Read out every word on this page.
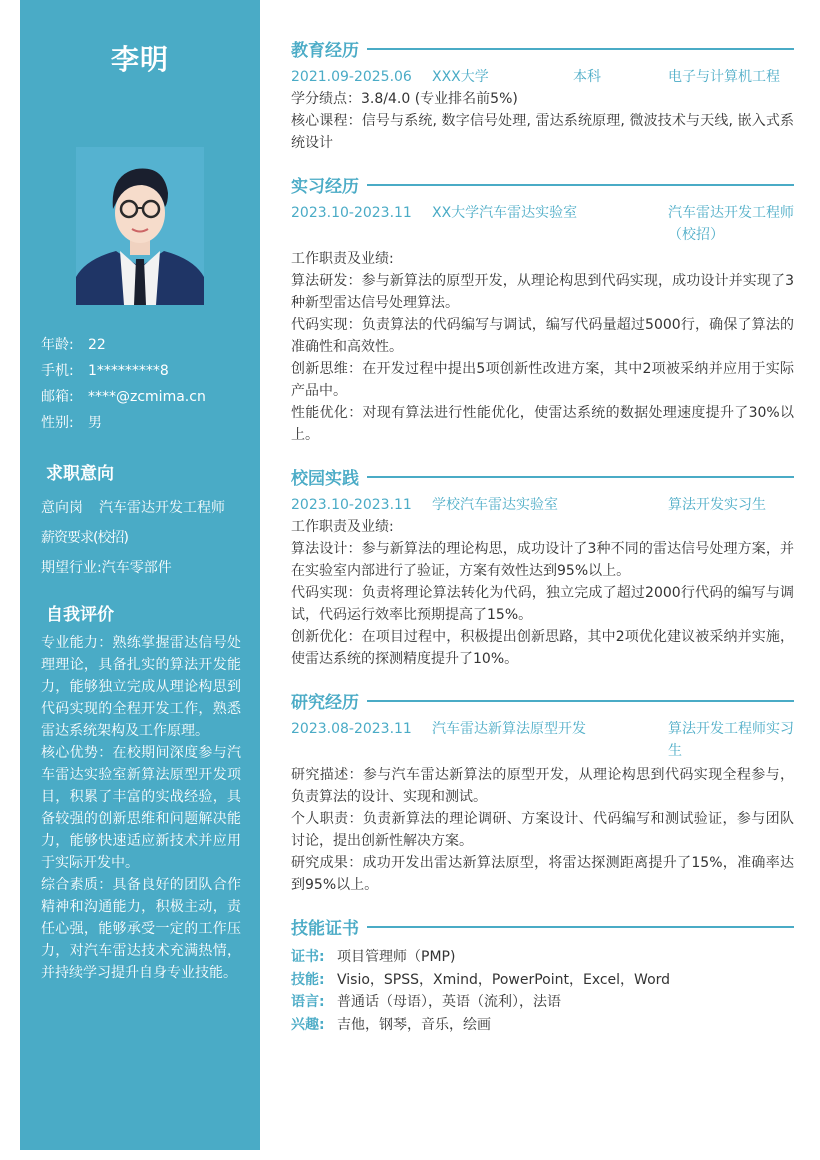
李明
年龄:	22
手机:	1*********8
邮箱:	****@zcmima.cn
性别:	男
求职意向
意向岗	汽车雷达开发工程师
薪资要求(校招)
期望行业: 汽车零部件
自我评价

专业能力：熟练掌握雷达信号处理理论，具备扎实的算法开发能力，能够独立完成从理论构思到代码实现的全程开发工作，熟悉雷达系统架构及工作原理。

核心优势：在校期间深度参与汽车雷达实验室新算法原型开发项目，积累了丰富的实战经验，具备较强的创新思维和问题解决能力，能够快速适应新技术并应用于实际开发中。

综合素质：具备良好的团队合作精神和沟通能力，积极主动，责任心强，能够承受一定的工作压力，对汽车雷达技术充满热情，并持续学习提升自身专业技能。

教育经历
2021.09-2025.06	XXX大学	本科	电子与计算机工程

学分绩点：3.8/4.0 (专业排名前5%)

核心课程：信号与系统, 数字信号处理, 雷达系统原理, 微波技术与天线, 嵌入式系统设计

实习经历
2023.10-2023.11	XX大学汽车雷达实验室	汽车雷达开发工程师（校招）

工作职责及业绩:

算法研发：参与新算法的原型开发，从理论构思到代码实现，成功设计并实现了3种新型雷达信号处理算法。

代码实现：负责算法的代码编写与调试，编写代码量超过5000行，确保了算法的准确性和高效性。

创新思维：在开发过程中提出5项创新性改进方案，其中2项被采纳并应用于实际产品中。

性能优化：对现有算法进行性能优化，使雷达系统的数据处理速度提升了30%以上。

校园实践
2023.10-2023.11	学校汽车雷达实验室	算法开发实习生

工作职责及业绩:

算法设计：参与新算法的理论构思，成功设计了3种不同的雷达信号处理方案，并在实验室内部进行了验证，方案有效性达到95%以上。

代码实现：负责将理论算法转化为代码，独立完成了超过2000行代码的编写与调试，代码运行效率比预期提高了15%。

创新优化：在项目过程中，积极提出创新思路，其中2项优化建议被采纳并实施，使雷达系统的探测精度提升了10%。

研究经历
2023.08-2023.11	汽车雷达新算法原型开发	算法开发工程师实习生

研究描述：参与汽车雷达新算法的原型开发，从理论构思到代码实现全程参与，负责算法的设计、实现和测试。

个人职责：负责新算法的理论调研、方案设计、代码编写和测试验证，参与团队讨论，提出创新性解决方案。

研究成果：成功开发出雷达新算法原型，将雷达探测距离提升了15%，准确率达到95%以上。

技能证书
证书: 项目管理师（PMP)
技能: Visio，SPSS，Xmind，PowerPoint，Excel，Word
语言: 普通话（母语），英语（流利），法语
兴趣: 吉他，钢琴，音乐，绘画
